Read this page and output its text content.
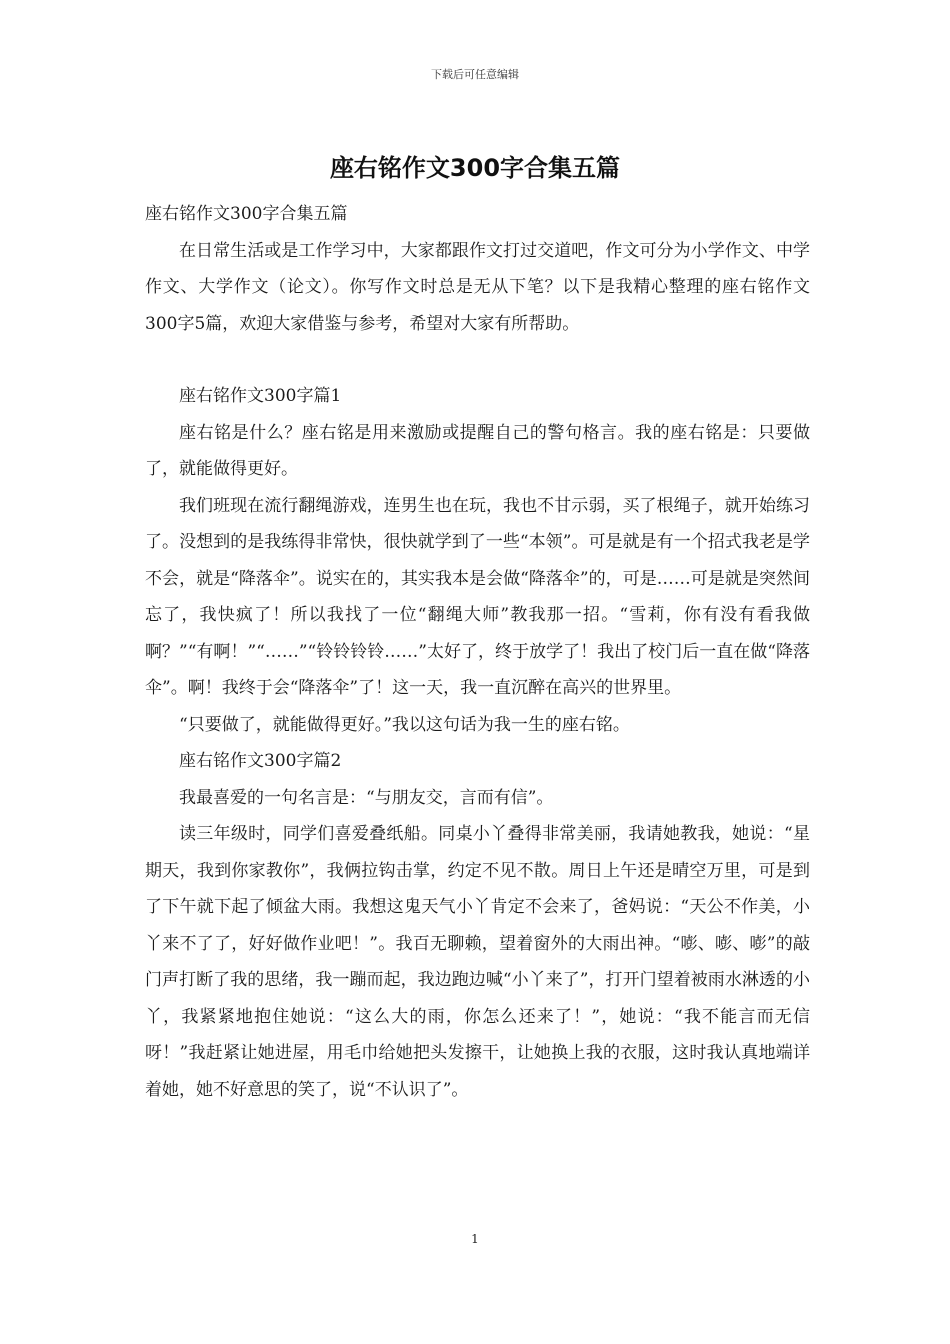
下载后可任意编辑
座右铭作文300字合集五篇

座右铭作文300字合集五篇

在日常生活或是工作学习中，大家都跟作文打过交道吧，作文可分为小学作文、中学作文、大学作文（论文）。你写作文时总是无从下笔？以下是我精心整理的座右铭作文300字5篇，欢迎大家借鉴与参考，希望对大家有所帮助。

座右铭作文300字篇1

座右铭是什么？座右铭是用来激励或提醒自己的警句格言。我的座右铭是：只要做了，就能做得更好。

我们班现在流行翻绳游戏，连男生也在玩，我也不甘示弱，买了根绳子，就开始练习了。没想到的是我练得非常快，很快就学到了一些“本领”。可是就是有一个招式我老是学不会，就是“降落伞”。说实在的，其实我本是会做“降落伞”的，可是……可是就是突然间忘了，我快疯了！所以我找了一位“翻绳大师”教我那一招。“雪莉，你有没有看我做啊？”“有啊！”“……”“铃铃铃铃……”太好了，终于放学了！我出了校门后一直在做“降落伞”。啊！我终于会“降落伞”了！这一天，我一直沉醉在高兴的世界里。

“只要做了，就能做得更好。”我以这句话为我一生的座右铭。

座右铭作文300字篇2

我最喜爱的一句名言是：“与朋友交，言而有信”。

读三年级时，同学们喜爱叠纸船。同桌小丫叠得非常美丽，我请她教我，她说：“星期天，我到你家教你”，我俩拉钩击掌，约定不见不散。周日上午还是晴空万里，可是到了下午就下起了倾盆大雨。我想这鬼天气小丫肯定不会来了，爸妈说：“天公不作美，小丫来不了了，好好做作业吧！”。我百无聊赖，望着窗外的大雨出神。“嘭、嘭、嘭”的敲门声打断了我的思绪，我一蹦而起，我边跑边喊“小丫来了”，打开门望着被雨水淋透的小丫，我紧紧地抱住她说：“这么大的雨，你怎么还来了！”，她说：“我不能言而无信呀！”我赶紧让她进屋，用毛巾给她把头发擦干，让她换上我的衣服，这时我认真地端详着她，她不好意思的笑了，说“不认识了”。

1
